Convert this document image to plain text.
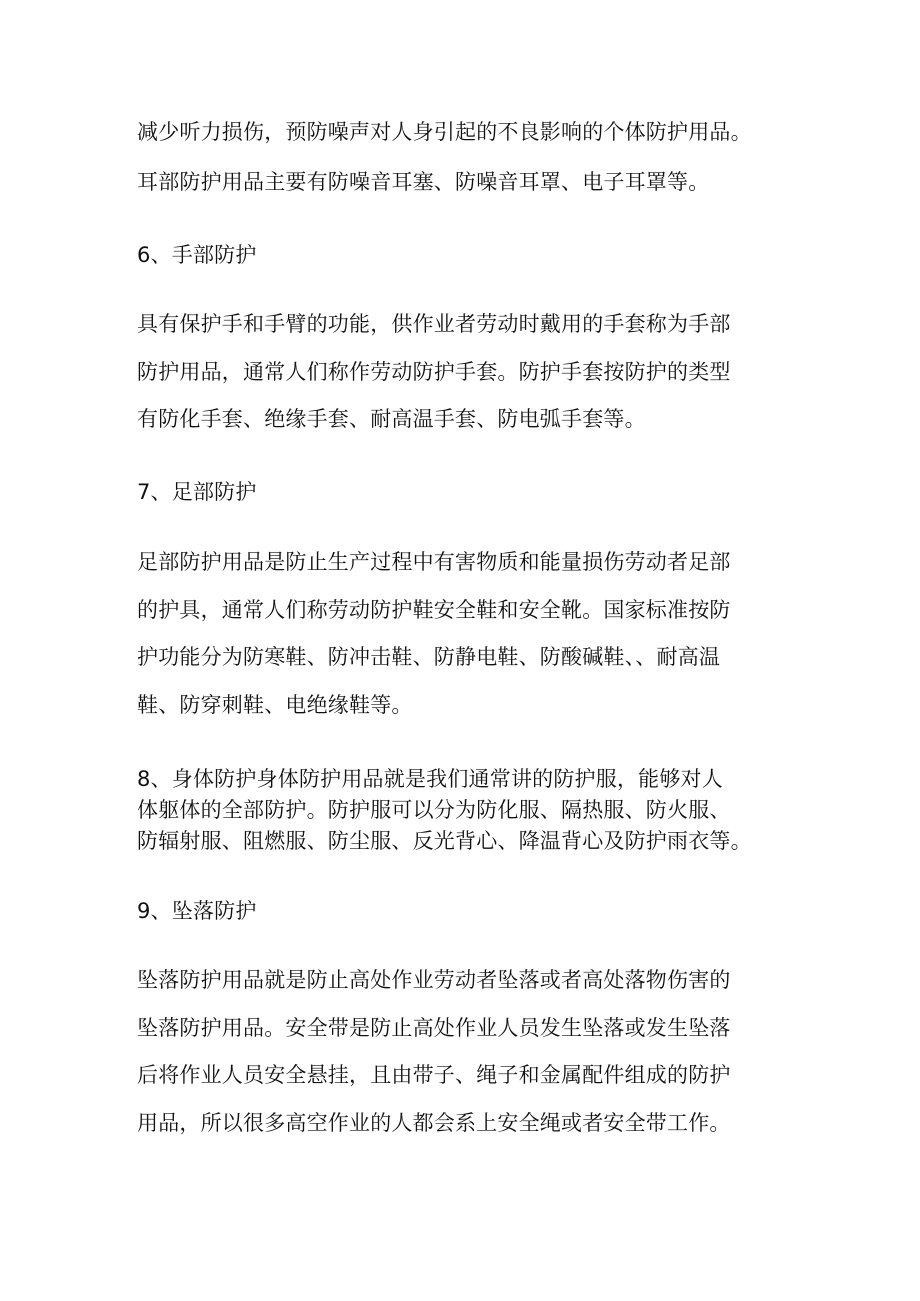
减少听力损伤，预防噪声对人身引起的不良影响的个体防护用品。
耳部防护用品主要有防噪音耳塞、防噪音耳罩、电子耳罩等。
6、手部防护
具有保护手和手臂的功能，供作业者劳动时戴用的手套称为手部
防护用品，通常人们称作劳动防护手套。防护手套按防护的类型
有防化手套、绝缘手套、耐高温手套、防电弧手套等。
7、足部防护
足部防护用品是防止生产过程中有害物质和能量损伤劳动者足部
的护具，通常人们称劳动防护鞋安全鞋和安全靴。国家标准按防
护功能分为防寒鞋、防冲击鞋、防静电鞋、防酸碱鞋、、耐高温
鞋、防穿刺鞋、电绝缘鞋等。
8、身体防护身体防护用品就是我们通常讲的防护服，能够对人
体躯体的全部防护。防护服可以分为防化服、隔热服、防火服、
防辐射服、阻燃服、防尘服、反光背心、降温背心及防护雨衣等。
9、坠落防护
坠落防护用品就是防止高处作业劳动者坠落或者高处落物伤害的
坠落防护用品。安全带是防止高处作业人员发生坠落或发生坠落
后将作业人员安全悬挂，且由带子、绳子和金属配件组成的防护
用品，所以很多高空作业的人都会系上安全绳或者安全带工作。
